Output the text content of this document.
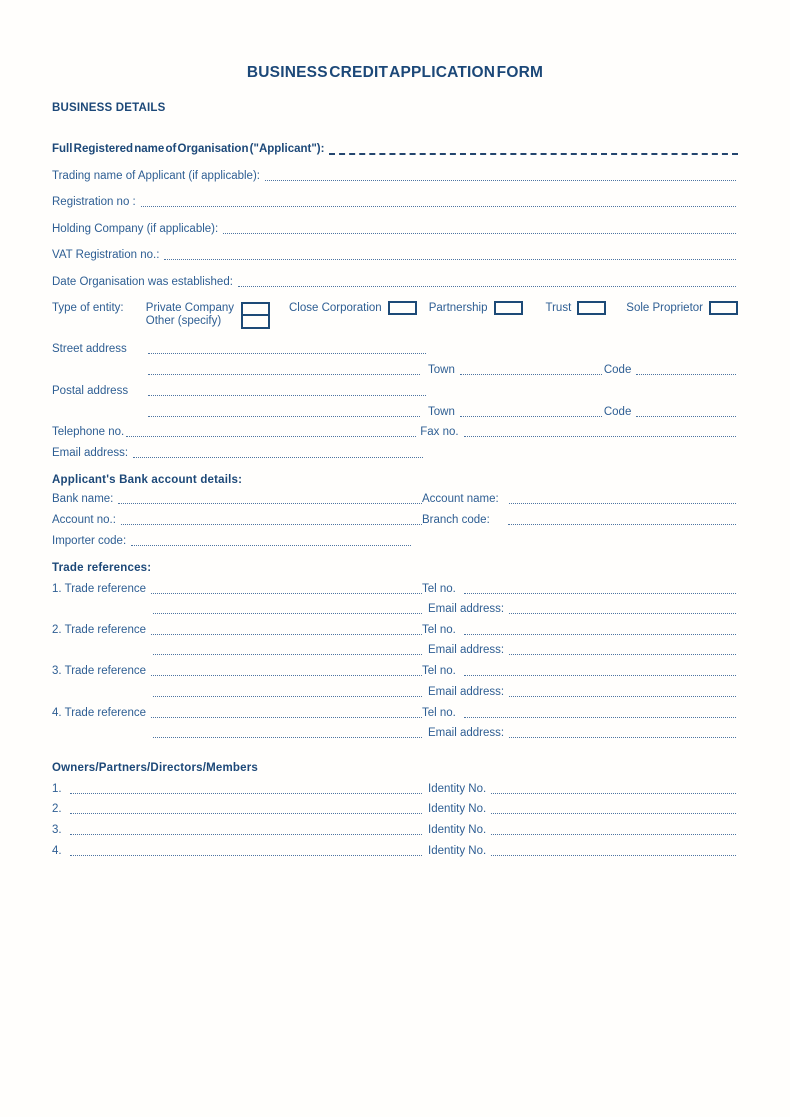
BUSINESS CREDIT APPLICATION FORM
BUSINESS DETAILS
Full Registered name of Organisation ("Applicant"):
Trading name of Applicant (if applicable):
Registration no :
Holding Company (if applicable):
VAT Registration no.:
Date Organisation was established:
Type of entity:	Private Company
Other (specify)
Close Corporation	Partnership	Trust	Sole Proprietor
Street address
Town	Code
Postal address
Town	Code
Telephone no.	Fax no.
Email address:
Applicant's Bank account details:
Bank name:	Account name:
Account no.:	Branch code:
Importer code:
Trade references:
1. Trade reference	Tel no.
Email address:
2. Trade reference	Tel no.
Email address:
3. Trade reference	Tel no.
Email address:
4. Trade reference	Tel no.
Email address:
Owners/Partners/Directors/Members
1.	Identity No.
2.	Identity No.
3.	Identity No.
4.	Identity No.
